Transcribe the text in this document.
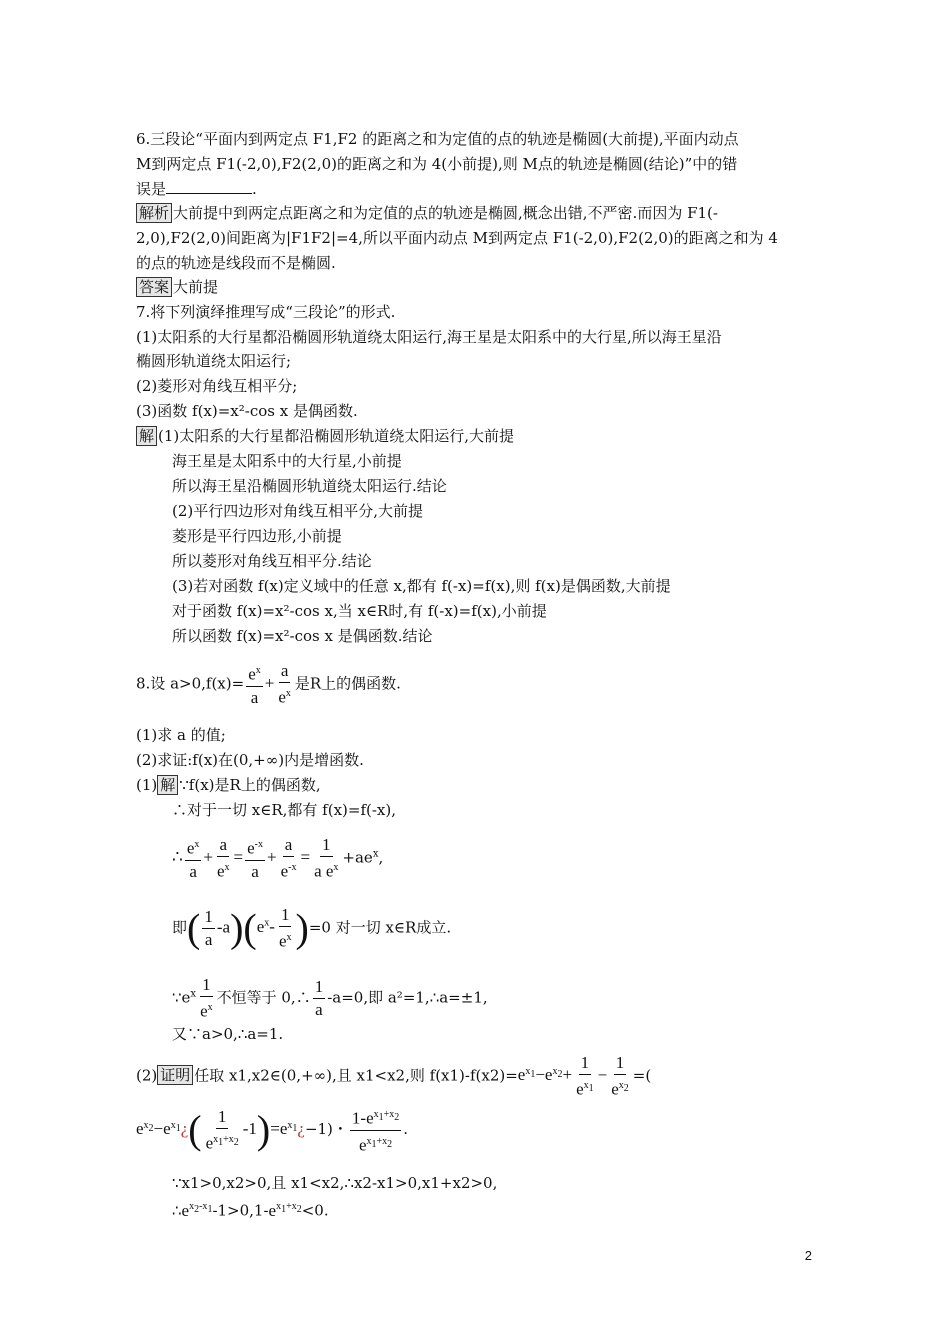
6.三段论“平面内到两定点 F1,F2 的距离之和为定值的点的轨迹是椭圆(大前提),平面内动点
M到两定点 F1(-2,0),F2(2,0)的距离之和为 4(小前提),则 M点的轨迹是椭圆(结论)”中的错
误是	.
解析 大前提中到两定点距离之和为定值的点的轨迹是椭圆,概念出错,不严密.而因为 F1(-
2,0),F2(2,0)间距离为|F1F2|=4,所以平面内动点 M到两定点 F1(-2,0),F2(2,0)的距离之和为 4
的点的轨迹是线段而不是椭圆.
答案 大前提
7.将下列演绎推理写成“三段论”的形式.
(1)太阳系的大行星都沿椭圆形轨道绕太阳运行,海王星是太阳系中的大行星,所以海王星沿
椭圆形轨道绕太阳运行;
(2)菱形对角线互相平分;
(3)函数 f(x)=x²-cos x 是偶函数.
解 (1)太阳系的大行星都沿椭圆形轨道绕太阳运行,大前提
海王星是太阳系中的大行星,小前提
所以海王星沿椭圆形轨道绕太阳运行.结论
(2)平行四边形对角线互相平分,大前提
菱形是平行四边形,小前提
所以菱形对角线互相平分.结论
(3)若对函数 f(x)定义域中的任意 x,都有 f(-x)=f(x),则 f(x)是偶函数,大前提
对于函数 f(x)=x²-cos x,当 x∈R时,有 f(-x)=f(x),小前提
所以函数 f(x)=x²-cos x 是偶函数.结论
8.设 $a>0,f(x)= \frac{e^x}{a} + \frac{a}{e^x}$ 是R上的偶函数.
(1)求 a 的值;
(2)求证:f(x)在(0,+∞)内是增函数.
(1) 解 ∵f(x)是R上的偶函数,
∴对于一切 x∈R,都有 f(x)=f(-x),
∴ $\frac{e^x}{a} + \frac{a}{e^x} = \frac{e^{-x}}{a} + \frac{a}{e^{-x}} = \frac{1}{a e^x} +ae^x$,
即( $\frac{1}{a} -a)(e^x- \frac{1}{e^x} )=0$ 对一切 x∈R成立.
$\because e^x \frac{1}{e^x}$ 不恒等于 0,∴ $\frac{1}{a} -a=0$,即 a²=1,∴a=±1,
又∵a>0,∴a=1.
(2) 证明 任取 x1,x2∈(0,+∞),且 x1<x2,则 $f(x1)-f(x2)=e^{x_1}-e^{x_2}+ \frac{1}{e^{x_1}} - \frac{1}{e^{x_2}}$ =(
$e^{x_2}-e^{x_1}¿( \frac{1}{e^{x_1+x_2}}$ $-1)=e^{x_1}¿-1$)・ $\frac{1-e^{x_1+x_2}}{e^{x_1+x_2}}$ .
∵x1>0,x2>0,且 x1<x2,∴x2-x1>0,x1+x2>0,
$\therefore e^{x_2-x_1}-1>0,1-e^{x_1+x_2}<0$.
2
